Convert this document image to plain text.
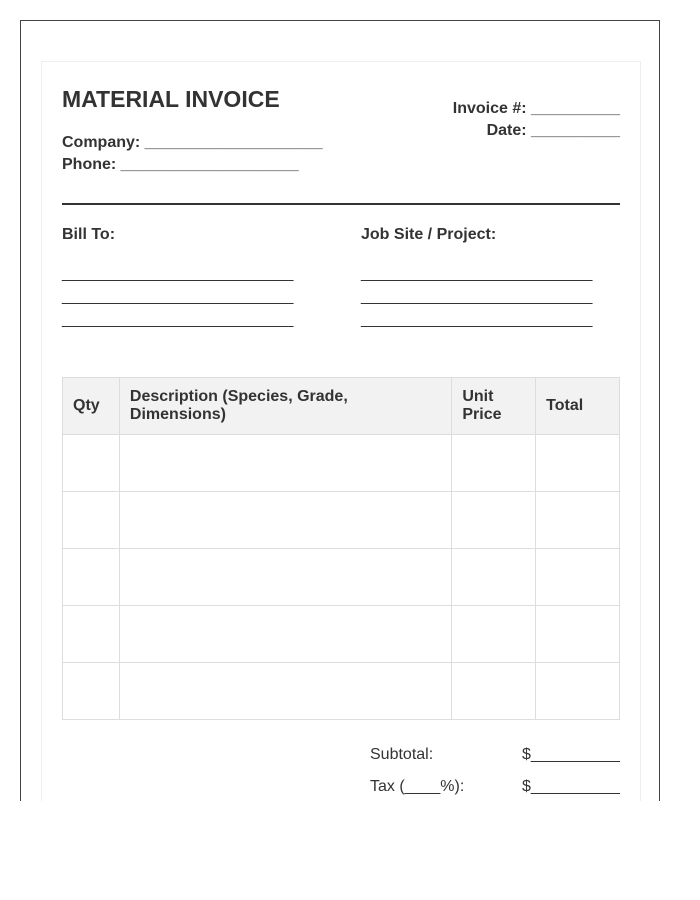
MATERIAL INVOICE
Company: ____________________
Phone: ____________________
Invoice #: __________
Date: __________
Bill To:
__________________________
__________________________
__________________________
Job Site / Project:
__________________________
__________________________
__________________________
Qty	Description (Species, Grade, Dimensions)	Unit Price	Total

Subtotal:	$__________
Tax (____%):	$__________
